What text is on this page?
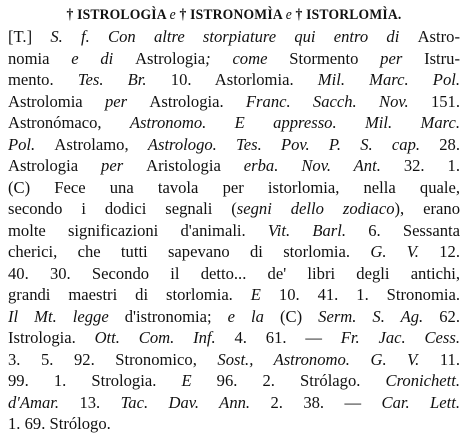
† ISTROLOGÌA e † ISTRONOMÌA e † ISTORLOMÌA.
[T.] S. f. Con altre storpiature qui entro di Astro-
nomia e di Astrologia; come Stormento per Istru-
mento. Tes. Br. 10. Astorlomia. Mil. Marc. Pol.
Astrolomia per Astrologia. Franc. Sacch. Nov. 151.
Astronómaco, Astronomo. E appresso. Mil. Marc.
Pol. Astrolamo, Astrologo. Tes. Pov. P. S. cap. 28.
Astrologia per Aristologia erba. Nov. Ant. 32. 1.
(C) Fece una tavola per istorlomia, nella quale,
secondo i dodici segnali (segni dello zodiaco), erano
molte significazioni d'animali. Vit. Barl. 6. Sessanta
cherici, che tutti sapevano di storlomia. G. V. 12.
40. 30. Secondo il detto... de' libri degli antichi,
grandi maestri di storlomia. E 10. 41. 1. Stronomia.
Il Mt. legge d'istronomia; e la (C) Serm. S. Ag. 62.
Istrologia. Ott. Com. Inf. 4. 61. — Fr. Jac. Cess.
3. 5. 92. Stronomico, Sost., Astronomo. G. V. 11.
99. 1. Strologia. E 96. 2. Strólago. Cronichett.
d'Amar. 13. Tac. Dav. Ann. 2. 38. — Car. Lett.
1. 69. Strólogo.
